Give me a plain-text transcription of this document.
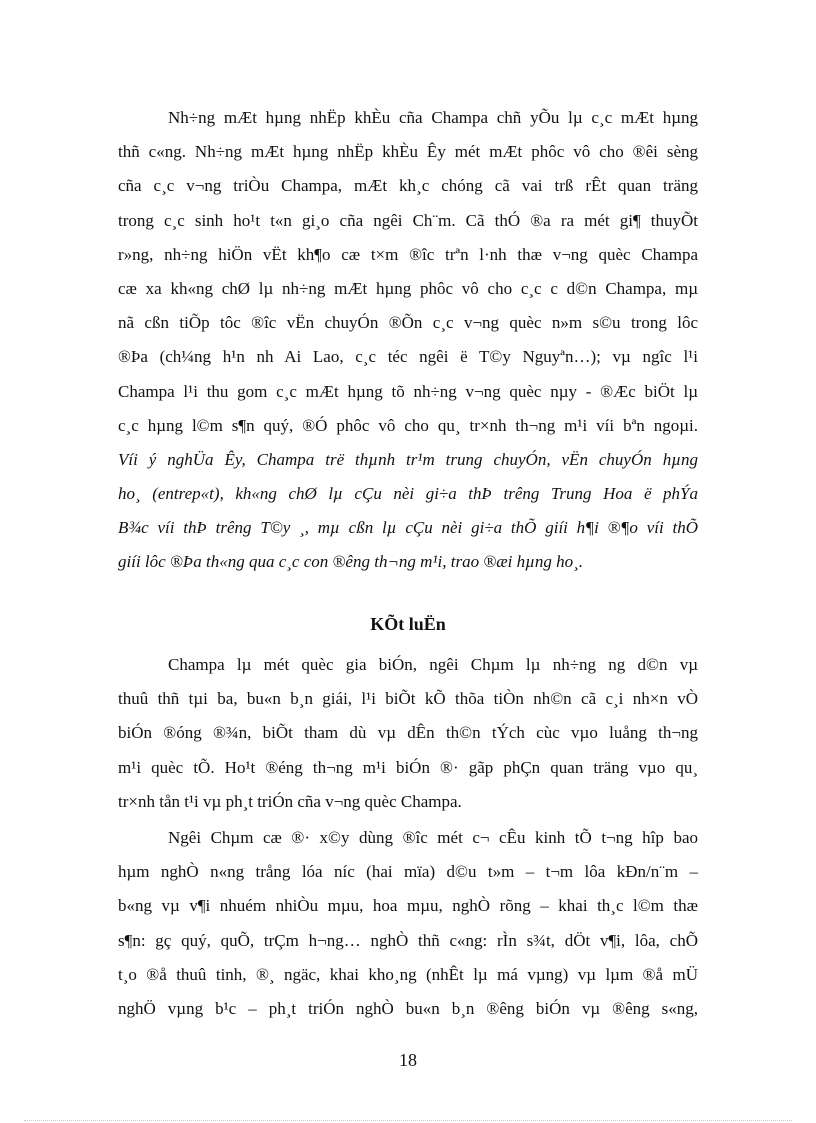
Nh÷ng mÆt hµng nhËp khÈu cña Champa chñ yÕu lµ c¸c mÆt hµng
thñ c«ng. Nh÷ng mÆt hµng nhËp khÈu Êy mét mÆt phôc vô cho ®êi sèng
cña c¸c v¬ng triÒu Champa, mÆt kh¸c chóng cã vai trß rÊt quan träng
trong c¸c sinh ho¹t t«n gi¸o cña ngêi Ch¨m. Cã thÓ ®a ra mét gi¶ thuyÕt
r»ng, nh÷ng hiÖn vËt kh¶o cæ t×m ®îc trªn l·nh thæ v¬ng quèc Champa
cæ xa kh«ng chØ lµ nh÷ng mÆt hµng phôc vô cho c¸c c d©n Champa, mµ
nã cßn tiÕp tôc ®îc vËn chuyÓn ®Õn c¸c v¬ng quèc n»m s©u trong lôc
®Þa (ch¼ng h¹n nh Ai Lao, c¸c téc ngêi ë T©y Nguyªn…); vµ ngîc l¹i
Champa l¹i thu gom c¸c mÆt hµng tõ nh÷ng v¬ng quèc nµy - ®Æc biÖt lµ
c¸c hµng l©m s¶n quý, ®Ó phôc vô cho qu¸ tr×nh th¬ng m¹i víi bªn ngoµi.
Víi ý nghÜa Êy, Champa trë thµnh tr¹m trung chuyÓn, vËn chuyÓn hµng
ho¸ (entrep«t), kh«ng chØ lµ cÇu nèi gi÷a thÞ trêng Trung Hoa ë phÝa
B¾c víi thÞ trêng T©y ¸, mµ cßn lµ cÇu nèi gi÷a thÕ giíi h¶i ®¶o víi thÕ
giíi lôc ®Þa th«ng qua c¸c con ®êng th¬ng m¹i, trao ®æi hµng ho¸.
KÕt luËn
Champa lµ mét quèc gia biÓn, ngêi Chµm lµ nh÷ng ng d©n vµ
thuû thñ tµi ba, bu«n b¸n giái, l¹i biÕt kÕ thõa tiÒn nh©n cã c¸i nh×n vÒ
biÓn ®óng ®¾n, biÕt tham dù vµ dÊn th©n tÝch cùc vµo luång th¬ng
m¹i quèc tÕ. Ho¹t ®éng th¬ng m¹i biÓn ®· gãp phÇn quan träng vµo qu¸
tr×nh tån t¹i vµ ph¸t triÓn cña v¬ng quèc Champa.
Ngêi Chµm cæ ®· x©y dùng ®îc mét c¬ cÊu kinh tÕ t¬ng hîp bao
hµm nghÒ n«ng trång lóa níc (hai mïa) d©u t»m – t¬m lôa kÐn/n¨m –
b«ng vµ v¶i nhuém nhiÒu mµu, hoa mµu, nghÒ rõng – khai th¸c l©m thæ
s¶n: gç quý, quÕ, trÇm h¬ng… nghÒ thñ c«ng: rÌn s¾t, dÖt v¶i, lôa, chÕ
t¸o ®å thuû tinh, ®¸ ngäc, khai kho¸ng (nhÊt lµ má vµng) vµ lµm ®å mÜ
nghÖ vµng b¹c – ph¸t triÓn nghÒ bu«n b¸n ®êng biÓn vµ ®êng s«ng,
18
